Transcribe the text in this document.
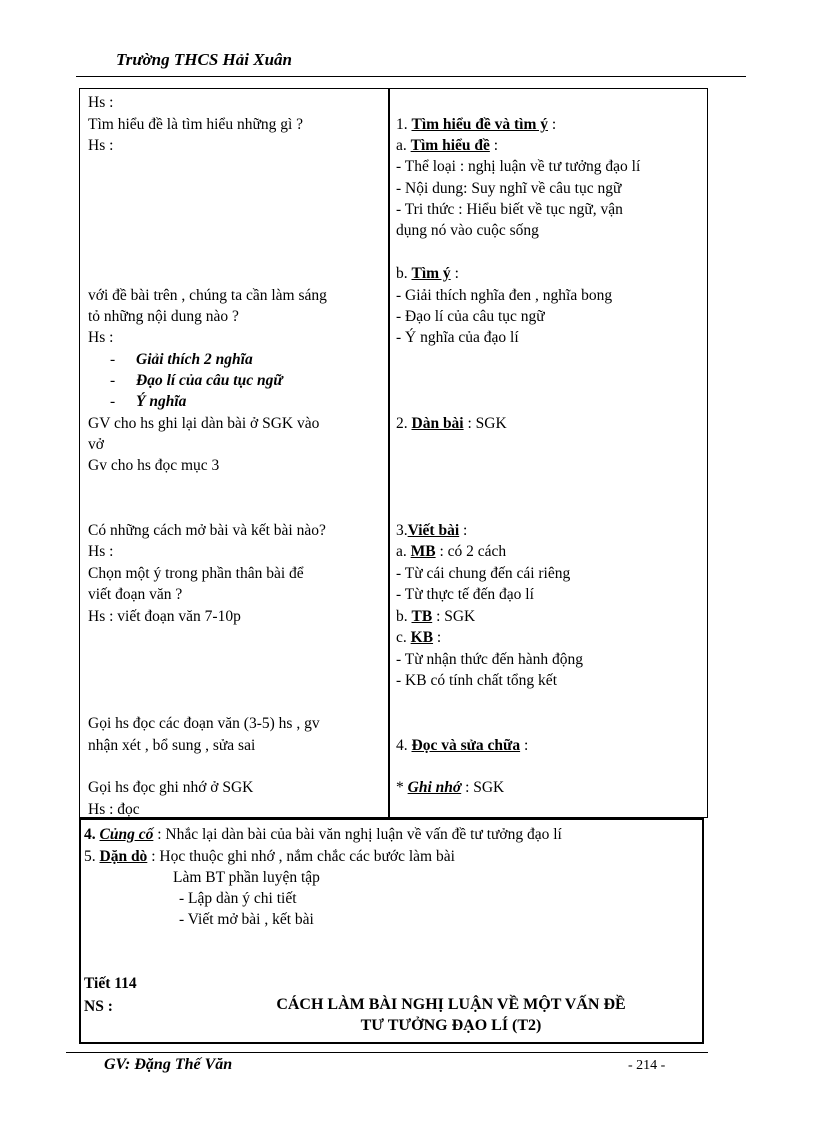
Trường THCS Hải Xuân
Hs :
Tìm hiểu đề là tìm hiểu những gì ?
Hs :
với đề bài trên , chúng ta cần làm sáng
tỏ những nội dung nào ?
Hs :
- Giải thích 2 nghĩa
- Đạo lí của câu tục ngữ
- Ý nghĩa
GV cho hs ghi lại dàn bài ở SGK vào
vở
Gv cho hs đọc mục 3
Có những cách mở bài và kết bài nào?
Hs :
Chọn một ý trong phần thân bài để
viết đoạn văn ?
Hs : viết đoạn văn 7-10p
Gọi hs đọc các đoạn văn (3-5) hs , gv
nhận xét , bổ sung , sửa sai
Gọi hs đọc ghi nhớ ở SGK
Hs : đọc
1. Tìm hiểu đề và tìm ý :
a. Tìm hiểu đề :
- Thể loại : nghị luận về tư tưởng đạo lí
- Nội dung: Suy nghĩ về câu tục ngữ
- Tri thức : Hiểu biết về tục ngữ, vận
dụng nó vào cuộc sống
b. Tìm ý :
- Giải thích nghĩa đen , nghĩa bong
- Đạo lí của câu tục ngữ
- Ý nghĩa của đạo lí
2. Dàn bài : SGK
3.Viết bài :
a. MB : có 2 cách
- Từ cái chung đến cái riêng
- Từ thực tế đến đạo lí
b. TB : SGK
c. KB :
- Từ nhận thức đến hành động
- KB có tính chất tổng kết
4. Đọc và sửa chữa :
* Ghi nhớ : SGK
4. Củng cố : Nhắc lại dàn bài của bài văn nghị luận về vấn đề tư tưởng đạo lí
5. Dặn dò : Học thuộc ghi nhớ , nắm chắc các bước làm bài
Làm BT phần luyện tập
- Lập dàn ý chi tiết
- Viết mở bài , kết bài
Tiết 114
NS :	CÁCH LÀM BÀI NGHỊ LUẬN VỀ MỘT VẤN ĐỀ
TƯ TƯỞNG ĐẠO LÍ (T2)
GV: Đặng Thế Văn	- 214 -
